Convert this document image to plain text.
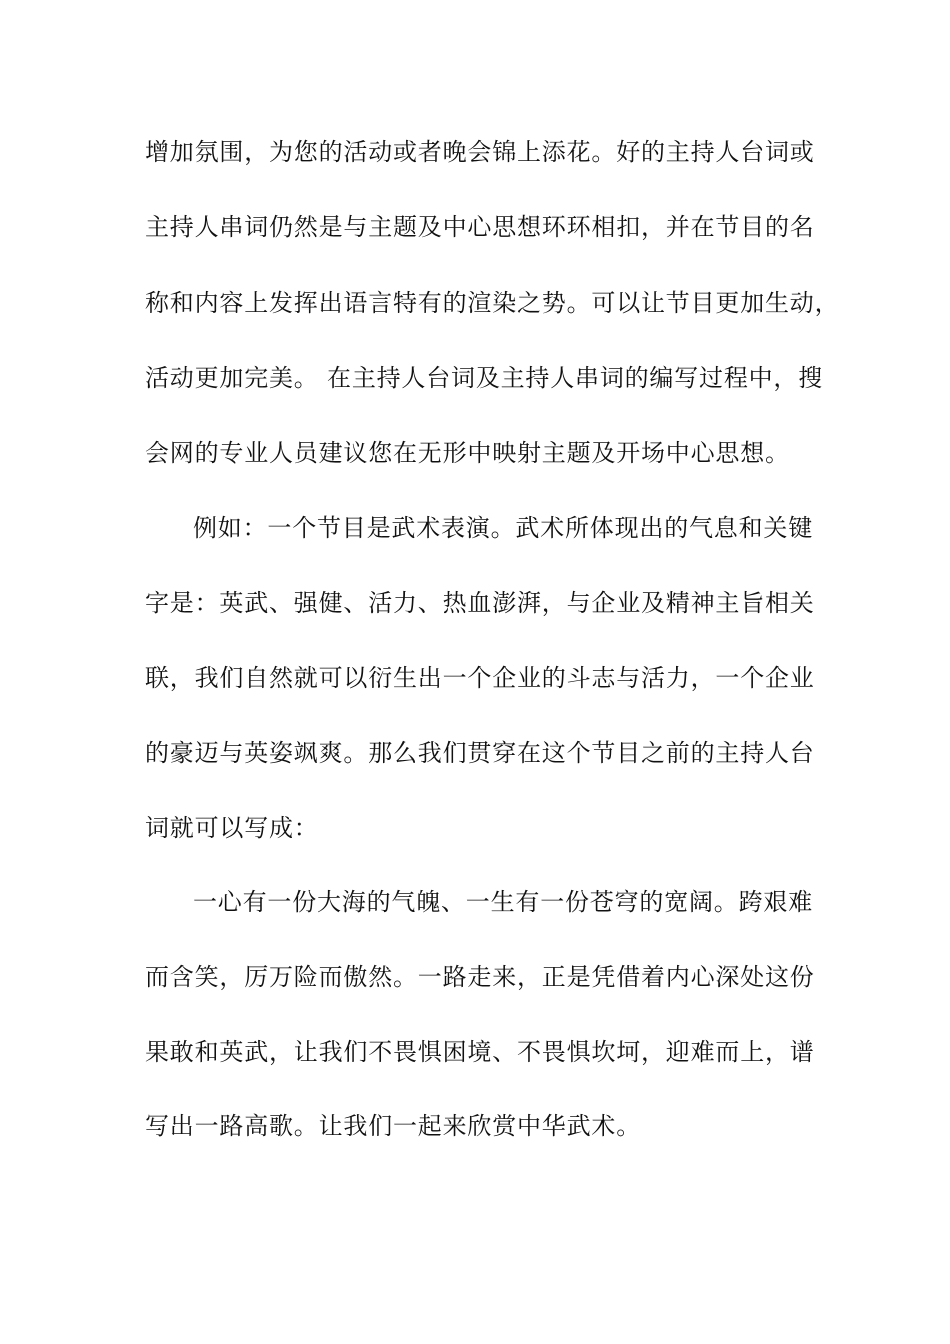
增加氛围，为您的活动或者晚会锦上添花。好的主持人台词或
主持人串词仍然是与主题及中心思想环环相扣，并在节目的名
称和内容上发挥出语言特有的渲染之势。可以让节目更加生动，
活动更加完美。 在主持人台词及主持人串词的编写过程中，搜
会网的专业人员建议您在无形中映射主题及开场中心思想。
例如：一个节目是武术表演。武术所体现出的气息和关键
字是：英武、强健、活力、热血澎湃，与企业及精神主旨相关
联，我们自然就可以衍生出一个企业的斗志与活力，一个企业
的豪迈与英姿飒爽。那么我们贯穿在这个节目之前的主持人台
词就可以写成：
一心有一份大海的气魄、一生有一份苍穹的宽阔。跨艰难
而含笑，厉万险而傲然。一路走来，正是凭借着内心深处这份
果敢和英武，让我们不畏惧困境、不畏惧坎坷，迎难而上，谱
写出一路高歌。让我们一起来欣赏中华武术。
